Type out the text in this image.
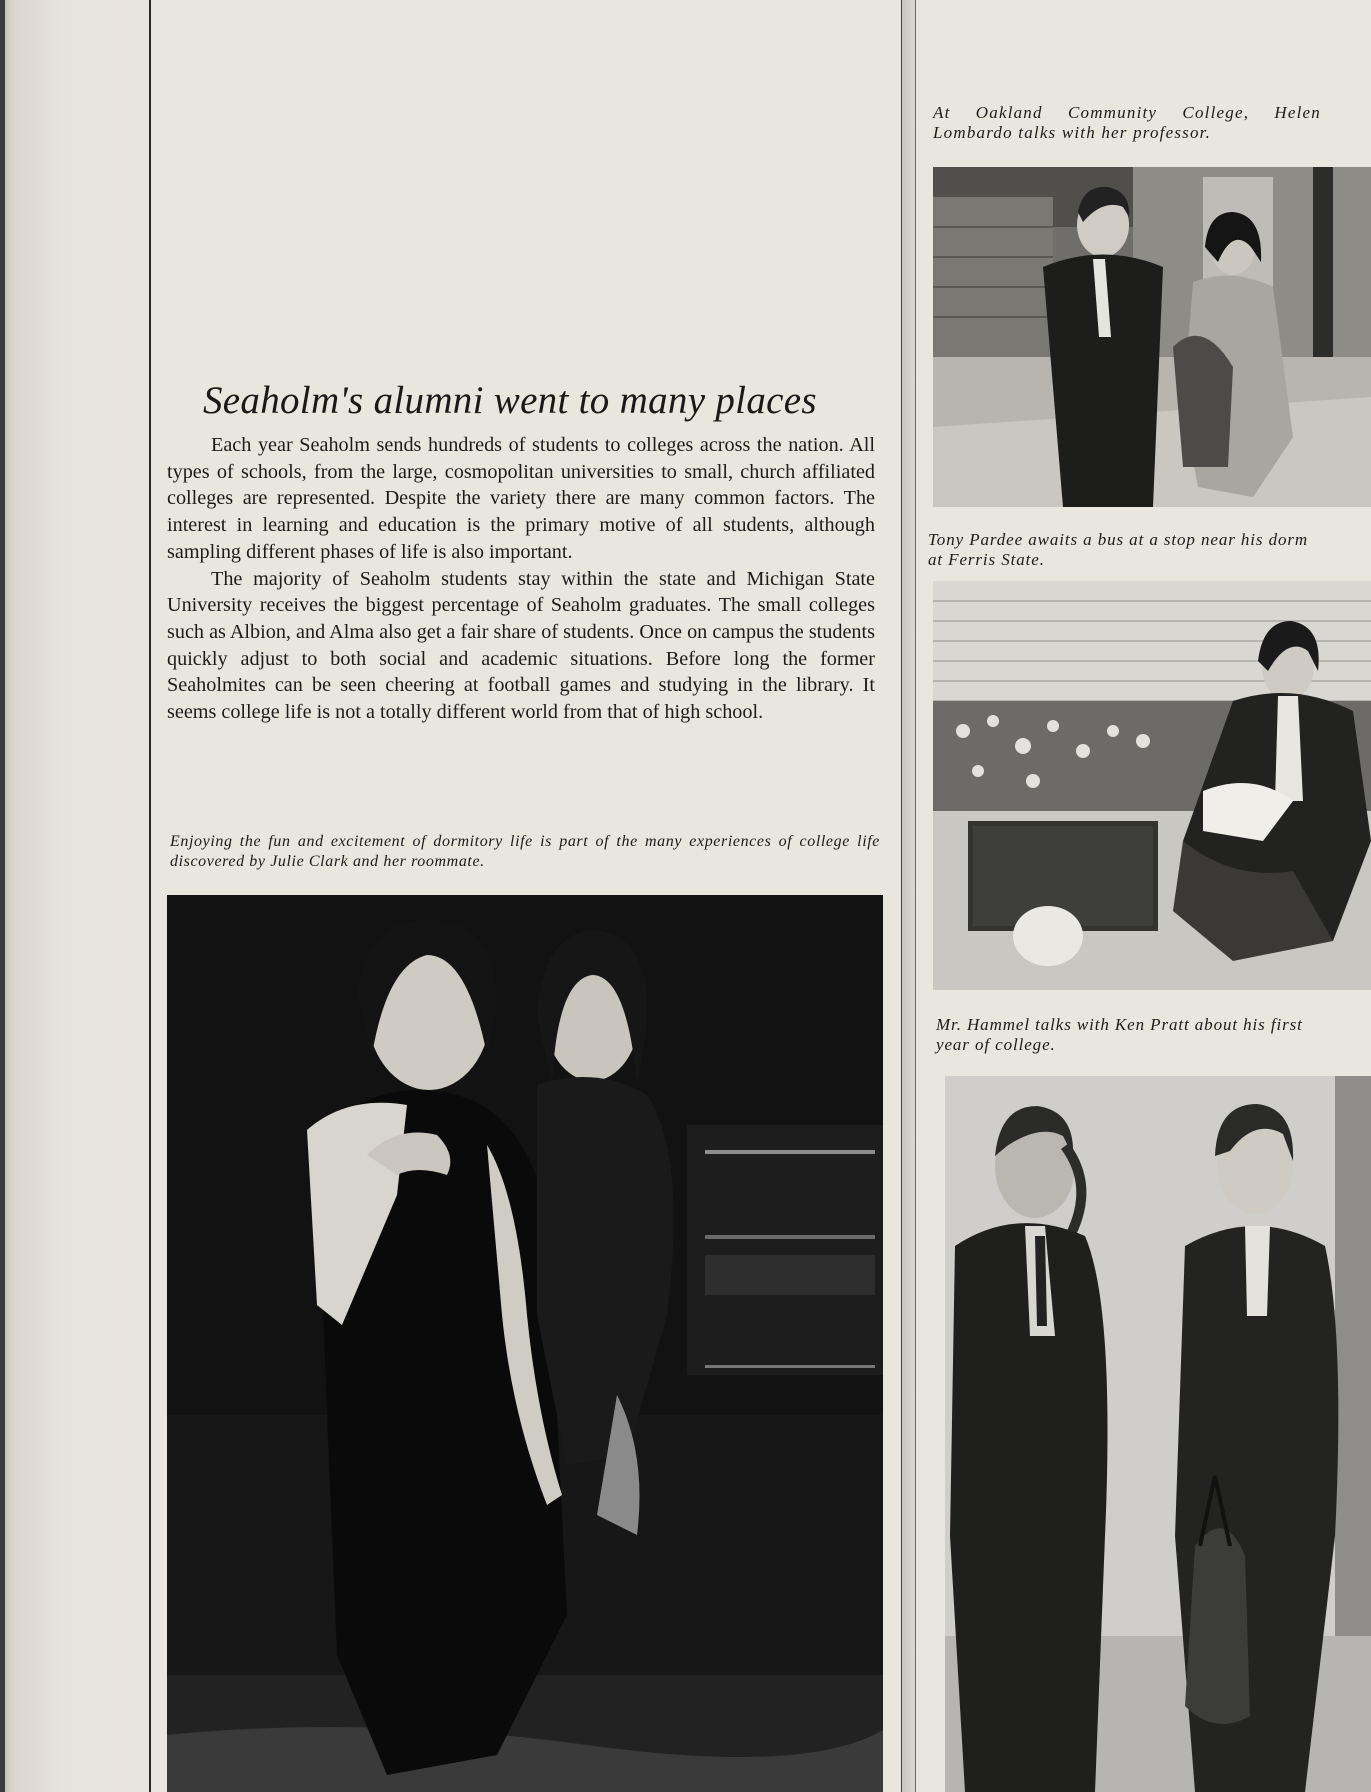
Seaholm's alumni went to many places

Each year Seaholm sends hundreds of students to colleges across the nation. All types of schools, from the large, cosmopolitan universities to small, church affiliated colleges are represented. Despite the variety there are many common factors. The interest in learning and education is the primary motive of all students, although sampling different phases of life is also important.

The majority of Seaholm students stay within the state and Michigan State University receives the biggest percentage of Seaholm graduates. The small colleges such as Albion, and Alma also get a fair share of students. Once on campus the students quickly adjust to both social and academic situations. Before long the former Seaholmites can be seen cheering at football games and studying in the library. It seems college life is not a totally different world from that of high school.

Enjoying the fun and excitement of dormitory life is part of the many experiences of college life discovered by Julie Clark and her roommate.

At Oakland Community College, Helen Lombardo talks with her professor.

Tony Pardee awaits a bus at a stop near his dorm at Ferris State.

Mr. Hammel talks with Ken Pratt about his first year of college.
